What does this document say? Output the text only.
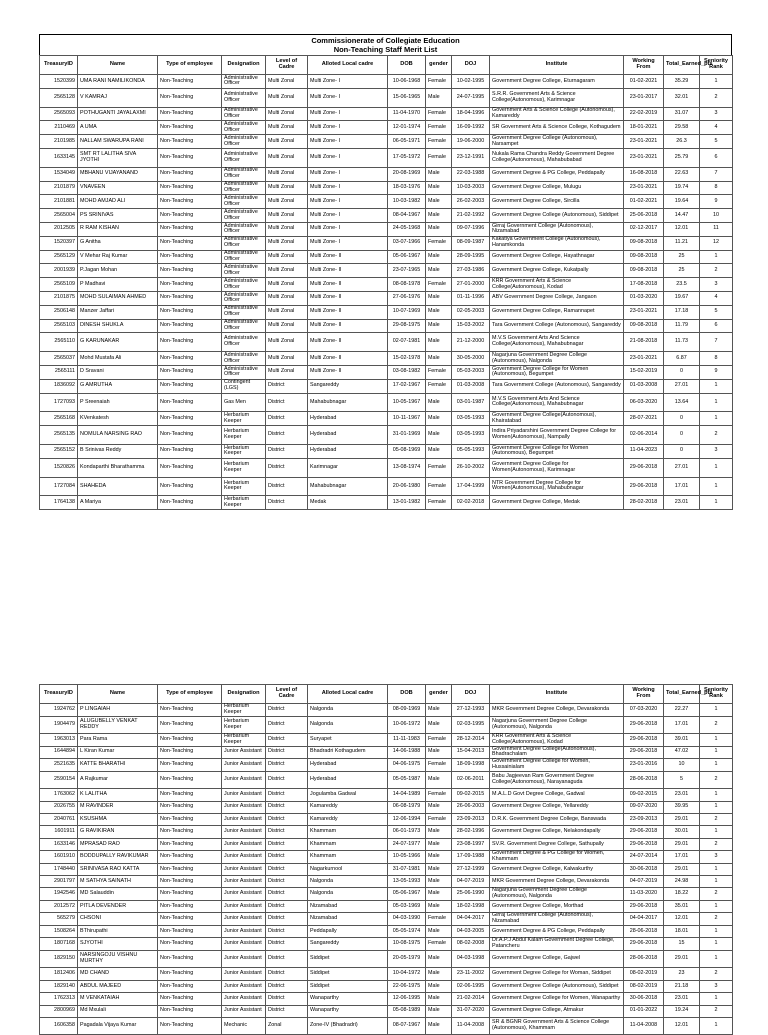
Commissionerate of Collegiate Education
Non-Teaching Staff Merit List
TreasuryID	Name	Type of employee	Designation	Level of Cadre	Alloted Local cadre	DOB	gender	DOJ	Institute	Working From	Total_Earned_pts	Seniority Rank
1520399	UMA RANI NAMILIKONDA	Non-Teaching	Administrative Officer	Multi Zonal	Multi Zone- I	10-06-1968	Female	10-02-1995	Government Degree College, Eturnagaram	01-02-2021	35.29	1
2565128	V KAMRAJ	Non-Teaching	Administrative Officer	Multi Zonal	Multi Zone- I	15-06-1965	Male	24-07-1995	S.R.R. Government Arts & Science College(Autonomous), Karimnagar	23-01-2017	32.01	2
2565093	POTHUGANTI JAYALAXMI	Non-Teaching	Administrative Officer	Multi Zonal	Multi Zone- I	11-04-1970	Female	18-04-1996	Government Arts & Science College (Autonomous), Kamareddy	22-02-2019	31.07	3
2110469	A UMA	Non-Teaching	Administrative Officer	Multi Zonal	Multi Zone- I	12-01-1974	Female	16-09-1992	SR Government Arts & Science College, Kothagudem	18-01-2021	29.58	4
2101985	NALLAM SWARUPA RANI	Non-Teaching	Administrative Officer	Multi Zonal	Multi Zone- I	06-05-1971	Female	19-06-2000	Government Degree College (Autonomous), Narsampet	23-01-2021	26.3	5
1633145	SMT RT LALITHA SIVA JYOTHI	Non-Teaching	Administrative Officer	Multi Zonal	Multi Zone- I	17-05-1972	Female	23-12-1991	Nukala Rama Chandra Reddy Government Degree College(Autonomous), Mahabubabad	23-01-2021	25.79	6
1534049	MBHANU VIJAYANAND	Non-Teaching	Administrative Officer	Multi Zonal	Multi Zone- I	20-08-1969	Male	22-03-1988	Government Degree & PG College, Peddapally	16-08-2018	22.63	7
2101879	VNAVEEN	Non-Teaching	Administrative Officer	Multi Zonal	Multi Zone- I	18-03-1976	Male	10-03-2003	Government Degree College, Mulugu	23-01-2021	19.74	8
2101881	MOHD AMJAD ALI	Non-Teaching	Administrative Officer	Multi Zonal	Multi Zone- I	10-03-1982	Male	26-02-2003	Government Degree College, Sircilla	01-02-2021	19.64	9
2565004	PS SRINIVAS	Non-Teaching	Administrative Officer	Multi Zonal	Multi Zone- I	08-04-1967	Male	21-02-1992	Government Degree College (Autonomous), Siddipet	25-06-2018	14.47	10
2012505	R RAM KISHAN	Non-Teaching	Administrative Officer	Multi Zonal	Multi Zone- I	24-05-1968	Male	09-07-1996	Girraj Government College (Autonomous), Nizamabad	02-12-2017	12.01	11
1520397	G Anitha	Non-Teaching	Administrative Officer	Multi Zonal	Multi Zone- I	03-07-1966	Female	08-09-1987	Kakatiya Government College (Autonomous), Hanamkonda	09-08-2018	11.21	12
2565129	V Mehar Raj Kumar	Non-Teaching	Administrative Officer	Multi Zonal	Multi Zone- II	05-06-1967	Male	28-09-1995	Government Degree College, Hayathnagar	09-08-2018	25	1
2001939	P.Jagan Mohan	Non-Teaching	Administrative Officer	Multi Zonal	Multi Zone- II	23-07-1965	Male	27-03-1986	Government Degree College, Kukatpally	09-08-2018	25	2
2565109	P Madhavi	Non-Teaching	Administrative Officer	Multi Zonal	Multi Zone- II	08-08-1978	Female	27-01-2000	KRR Government Arts & Science College(Autonomous), Kodad	17-08-2018	23.5	3
2101875	MOHD SULAIMAN AHMED	Non-Teaching	Administrative Officer	Multi Zonal	Multi Zone- II	27-06-1976	Male	01-11-1996	ABV Government Degree College, Jangaon	01-03-2020	19.67	4
2506148	Manzer Jaffari	Non-Teaching	Administrative Officer	Multi Zonal	Multi Zone- II	10-07-1969	Male	02-05-2003	Government Degree College, Ramannapet	23-01-2021	17.18	5
2565103	DINESH SHUKLA	Non-Teaching	Administrative Officer	Multi Zonal	Multi Zone- II	29-08-1975	Male	15-03-2002	Tara Government College (Autonomous), Sangareddy	09-08-2018	11.79	6
2565110	G KARUNAKAR	Non-Teaching	Administrative Officer	Multi Zonal	Multi Zone- II	02-07-1981	Male	21-12-2000	M.V.S Government Arts And Science College(Autonomous), Mahabubnagar	21-08-2018	11.73	7
2565037	Mohd Mustafa Ali	Non-Teaching	Administrative Officer	Multi Zonal	Multi Zone- II	15-02-1978	Male	30-05-2000	Nagarjuna Government Degree College (Autonomous), Nalgonda	23-01-2021	6.87	8
2565111	D Sravani	Non-Teaching	Administrative Officer	Multi Zonal	Multi Zone- II	03-08-1982	Female	05-03-2003	Government Degree College for Women (Autonomous), Begumpet	15-02-2019	0	9
1836092	G AMRUTHA	Non-Teaching	Contingent (LGS)	District	Sangareddy	17-02-1967	Female	01-03-2008	Tara Government College (Autonomous), Sangareddy	01-03-2008	27.01	1
1727093	P Sreenaiah	Non-Teaching	Gas Men	District	Mahabubnagar	10-05-1967	Male	03-01-1987	M.V.S Government Arts And Science College(Autonomous), Mahabubnagar	06-03-2020	13.64	1
2565168	KVenkatesh	Non-Teaching	Herbarium Keeper	District	Hyderabad	10-11-1967	Male	03-05-1993	Government Degree College(Autonomous), Khairatabad	28-07-2021	0	1
2565135	NOMULA NARSING RAO	Non-Teaching	Herbarium Keeper	District	Hyderabad	31-01-1969	Male	03-05-1993	Indira Priyadarshini Government Degree College for Women(Autonomous), Nampally	02-06-2014	0	2
2565152	B Srinivas Reddy	Non-Teaching	Herbarium Keeper	District	Hyderabad	05-08-1969	Male	05-05-1993	Government Degree College for Women (Autonomous), Begumpet	11-04-2023	0	3
1520826	Kondaparthi Bharathamma	Non-Teaching	Herbarium Keeper	District	Karimnagar	13-08-1974	Female	26-10-2002	Government Degree College for Women(Autonomous), Karimnagar	29-06-2018	27.01	1
1727084	SHAHEDA	Non-Teaching	Herbarium Keeper	District	Mahabubnagar	20-06-1980	Female	17-04-1999	NTR Government Degree College for Women(Autonomous), Mahabubnagar	29-06-2018	17.01	1
1764138	A Mariya	Non-Teaching	Herbarium Keeper	District	Medak	13-01-1982	Female	02-02-2018	Government Degree College, Medak	28-02-2018	23.01	1
TreasuryID	Name	Type of employee	Designation	Level of Cadre	Alloted Local cadre	DOB	gender	DOJ	Institute	Working From	Total_Earned_pts	Seniority Rank
1924762	P LINGAIAH	Non-Teaching	Herbarium Keeper	District	Nalgonda	08-09-1969	Male	27-12-1993	MKR Government Degree College, Devarakonda	07-03-2020	22.27	1
1904479	ALUGUBELLY VENKAT REDDY	Non-Teaching	Herbarium Keeper	District	Nalgonda	10-06-1972	Male	02-03-1995	Nagarjuna Government Degree College (Autonomous), Nalgonda	29-06-2018	17.01	2
1963013	Para Rama	Non-Teaching	Herbarium Keeper	District	Suryapet	11-11-1983	Female	28-12-2014	KRR Government Arts & Science College(Autonomous), Kodad	29-06-2018	39.01	1
1644894	L Kiran Kumar	Non-Teaching	Junior Assistant	District	Bhadradri Kothagudem	14-06-1988	Male	15-04-2013	Government Degree College(Autonomous), Bhadrachalam	29-06-2018	47.02	1
2521635	KATTE BHARATHI	Non-Teaching	Junior Assistant	District	Hyderabad	04-06-1975	Female	18-09-1998	Government Degree College for Women, Hussainialam	23-01-2016	10	1
2590154	A Rajkumar	Non-Teaching	Junior Assistant	District	Hyderabad	05-05-1987	Male	02-06-2011	Babu Jagjeevan Ram Government Degree College(Autonomous), Narayanaguda	28-06-2018	5	2
1763062	K LALITHA	Non-Teaching	Junior Assistant	District	Jogulamba Gadwal	14-04-1989	Female	09-02-2015	M.A.L.D Govt Degree College, Gadwal	09-02-2015	23.01	1
2026755	M RAVINDER	Non-Teaching	Junior Assistant	District	Kamareddy	06-08-1979	Male	26-06-2003	Government Degree College, Yellareddy	09-07-2020	39.95	1
2040761	KSUSHMA	Non-Teaching	Junior Assistant	District	Kamareddy	12-06-1994	Female	23-09-2013	D.R.K. Government Degree College, Banswada	23-09-2013	29.01	2
1601911	G RAVIKIRAN	Non-Teaching	Junior Assistant	District	Khammam	06-01-1973	Male	28-02-1996	Government Degree College, Nelakondapally	29-06-2018	30.01	1
1633146	MPRASAD RAO	Non-Teaching	Junior Assistant	District	Khammam	24-07-1977	Male	23-08-1997	SV.R. Government Degree College, Sathupally	29-06-2018	29.01	2
1601910	BODDUPALLY RAVIKUMAR	Non-Teaching	Junior Assistant	District	Khammam	10-05-1966	Male	17-09-1988	Government Degree & PG College for Women, Khammam	24-07-2014	17.01	3
1748440	SRINIVASA RAO KATTA	Non-Teaching	Junior Assistant	District	Nagarkurnool	31-07-1981	Male	27-12-1999	Government Degree College, Kalwakurthy	30-06-2018	29.01	1
2901797	M SATHYA SAINATH	Non-Teaching	Junior Assistant	District	Nalgonda	13-05-1993	Male	04-07-2019	MKR Government Degree College, Devarakonda	04-07-2019	24.98	1
1942546	MD Salauddin	Non-Teaching	Junior Assistant	District	Nalgonda	05-06-1967	Male	25-06-1990	Nagarjuna Government Degree College (Autonomous), Nalgonda	11-03-2020	18.22	2
2012572	PITLA DEVENDER	Non-Teaching	Junior Assistant	District	Nizamabad	05-03-1969	Male	18-02-1998	Government Degree College, Morthad	29-06-2018	35.01	1
565279	CHSONI	Non-Teaching	Junior Assistant	District	Nizamabad	04-03-1990	Female	04-04-2017	Girraj Government College (Autonomous), Nizamabad	04-04-2017	12.01	2
1508264	BThirupathi	Non-Teaching	Junior Assistant	District	Peddapally	05-05-1974	Male	04-03-2005	Government Degree & PG College, Peddapally	28-06-2018	18.01	1
1807168	SJYOTHI	Non-Teaching	Junior Assistant	District	Sangareddy	10-08-1975	Female	08-02-2008	Dr.A.P.J Abdul Kalam Government Degree College, Patancheru	29-06-2018	15	1
1829150	NARSINGOJU VISHNU MURTHY	Non-Teaching	Junior Assistant	District	Siddipet	20-05-1979	Male	04-03-1998	Government Degree College, Gajwel	28-06-2018	29.01	1
1812406	MD CHAND	Non-Teaching	Junior Assistant	District	Siddipet	10-04-1972	Male	23-11-2002	Government Degree College for Woman, Siddipet	08-02-2019	23	2
1829140	ABDUL MAJEED	Non-Teaching	Junior Assistant	District	Siddipet	22-06-1975	Male	02-06-1995	Government Degree College (Autonomous), Siddipet	08-02-2019	21.18	3
1762313	M VENKATAIAH	Non-Teaching	Junior Assistant	District	Wanaparthy	12-06-1995	Male	21-02-2014	Government Degree College for Women, Wanaparthy	30-06-2018	23.01	1
2800969	Md Mxulali	Non-Teaching	Junior Assistant	District	Wanaparthy	05-08-1989	Male	31-07-2020	Government Degree College, Atmakur	01-01-2022	19.24	2
1606358	Pagadala Vijaya Kumar	Non-Teaching	Mechanic	Zonal	Zone-IV (Bhadradri)	08-07-1967	Male	11-04-2008	SR & BGNR Government Arts & Science College (Autonomous), Khammam	11-04-2008	12.01	1
